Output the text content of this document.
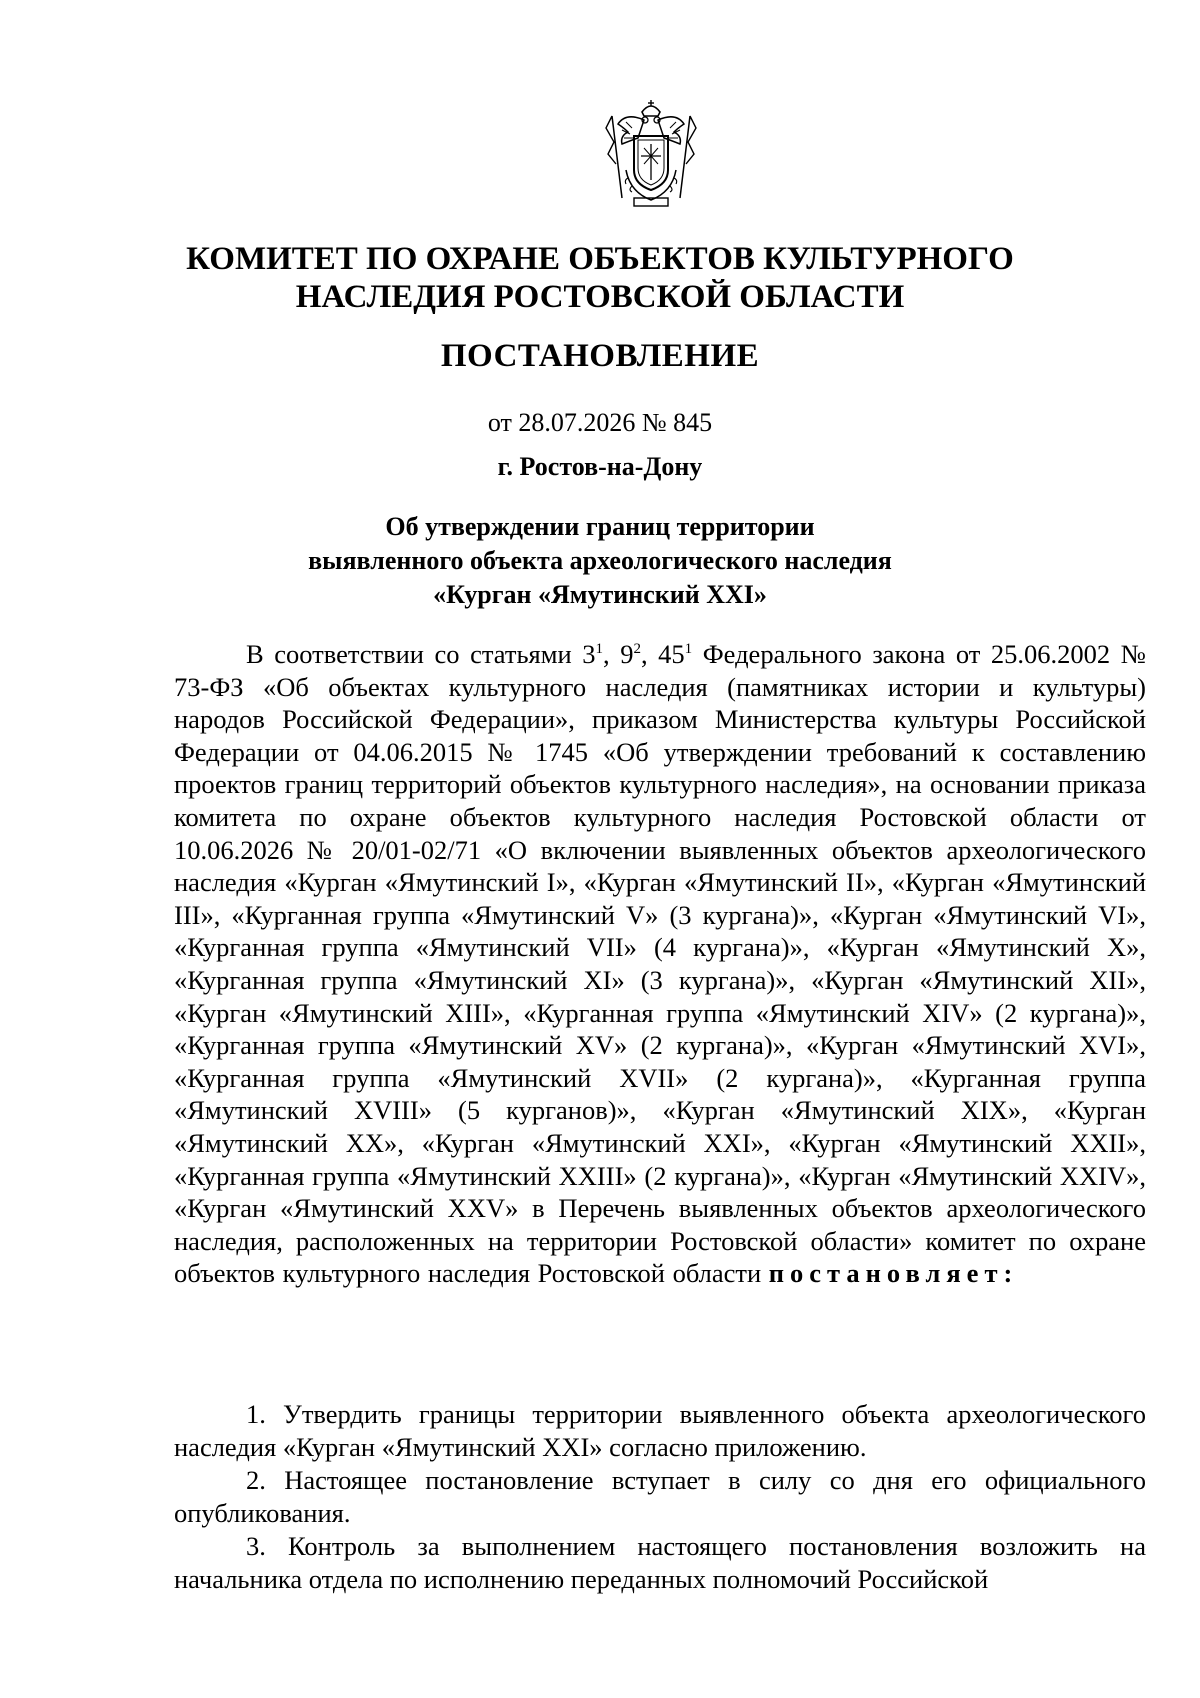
КОМИТЕТ ПО ОХРАНЕ ОБЪЕКТОВ КУЛЬТУРНОГО
НАСЛЕДИЯ РОСТОВСКОЙ ОБЛАСТИ
ПОСТАНОВЛЕНИЕ
от 28.07.2026 № 845
г. Ростов-на-Дону
Об утверждении границ территории
выявленного объекта археологического наследия
«Курган «Ямутинский XXI»

В соответствии со статьями $3^1$, $9^2$, $45^1$ Федерального закона от 25.06.2002 № 73-ФЗ «Об объектах культурного наследия (памятниках истории и культуры) народов Российской Федерации», приказом Министерства культуры Российской Федерации от 04.06.2015 № 1745 «Об утверждении требований к составлению проектов границ территорий объектов культурного наследия», на основании приказа комитета по охране объектов культурного наследия Ростовской области от 10.06.2026 № 20/01-02/71 «О включении выявленных объектов археологического наследия «Курган «Ямутинский I», «Курган «Ямутинский II», «Курган «Ямутинский III», «Курганная группа «Ямутинский V» (3 кургана)», «Курган «Ямутинский VI», «Курганная группа «Ямутинский VII» (4 кургана)», «Курган «Ямутинский X», «Курганная группа «Ямутинский XI» (3 кургана)», «Курган «Ямутинский XII», «Курган «Ямутинский XIII», «Курганная группа «Ямутинский XIV» (2 кургана)», «Курганная группа «Ямутинский XV» (2 кургана)», «Курган «Ямутинский XVI», «Курганная группа «Ямутинский XVII» (2 кургана)», «Курганная группа «Ямутинский XVIII» (5 курганов)», «Курган «Ямутинский XIX», «Курган «Ямутинский XX», «Курган «Ямутинский XXI», «Курган «Ямутинский XXII», «Курганная группа «Ямутинский XXIII» (2 кургана)», «Курган «Ямутинский XXIV», «Курган «Ямутинский XXV» в Перечень выявленных объектов археологического наследия, расположенных на территории Ростовской области» комитет по охране объектов культурного наследия Ростовской области постановляет:

1. Утвердить границы территории выявленного объекта археологического наследия «Курган «Ямутинский XXI» согласно приложению.

2. Настоящее постановление вступает в силу со дня его официального опубликования.

3. Контроль за выполнением настоящего постановления возложить на начальника отдела по исполнению переданных полномочий Российской
